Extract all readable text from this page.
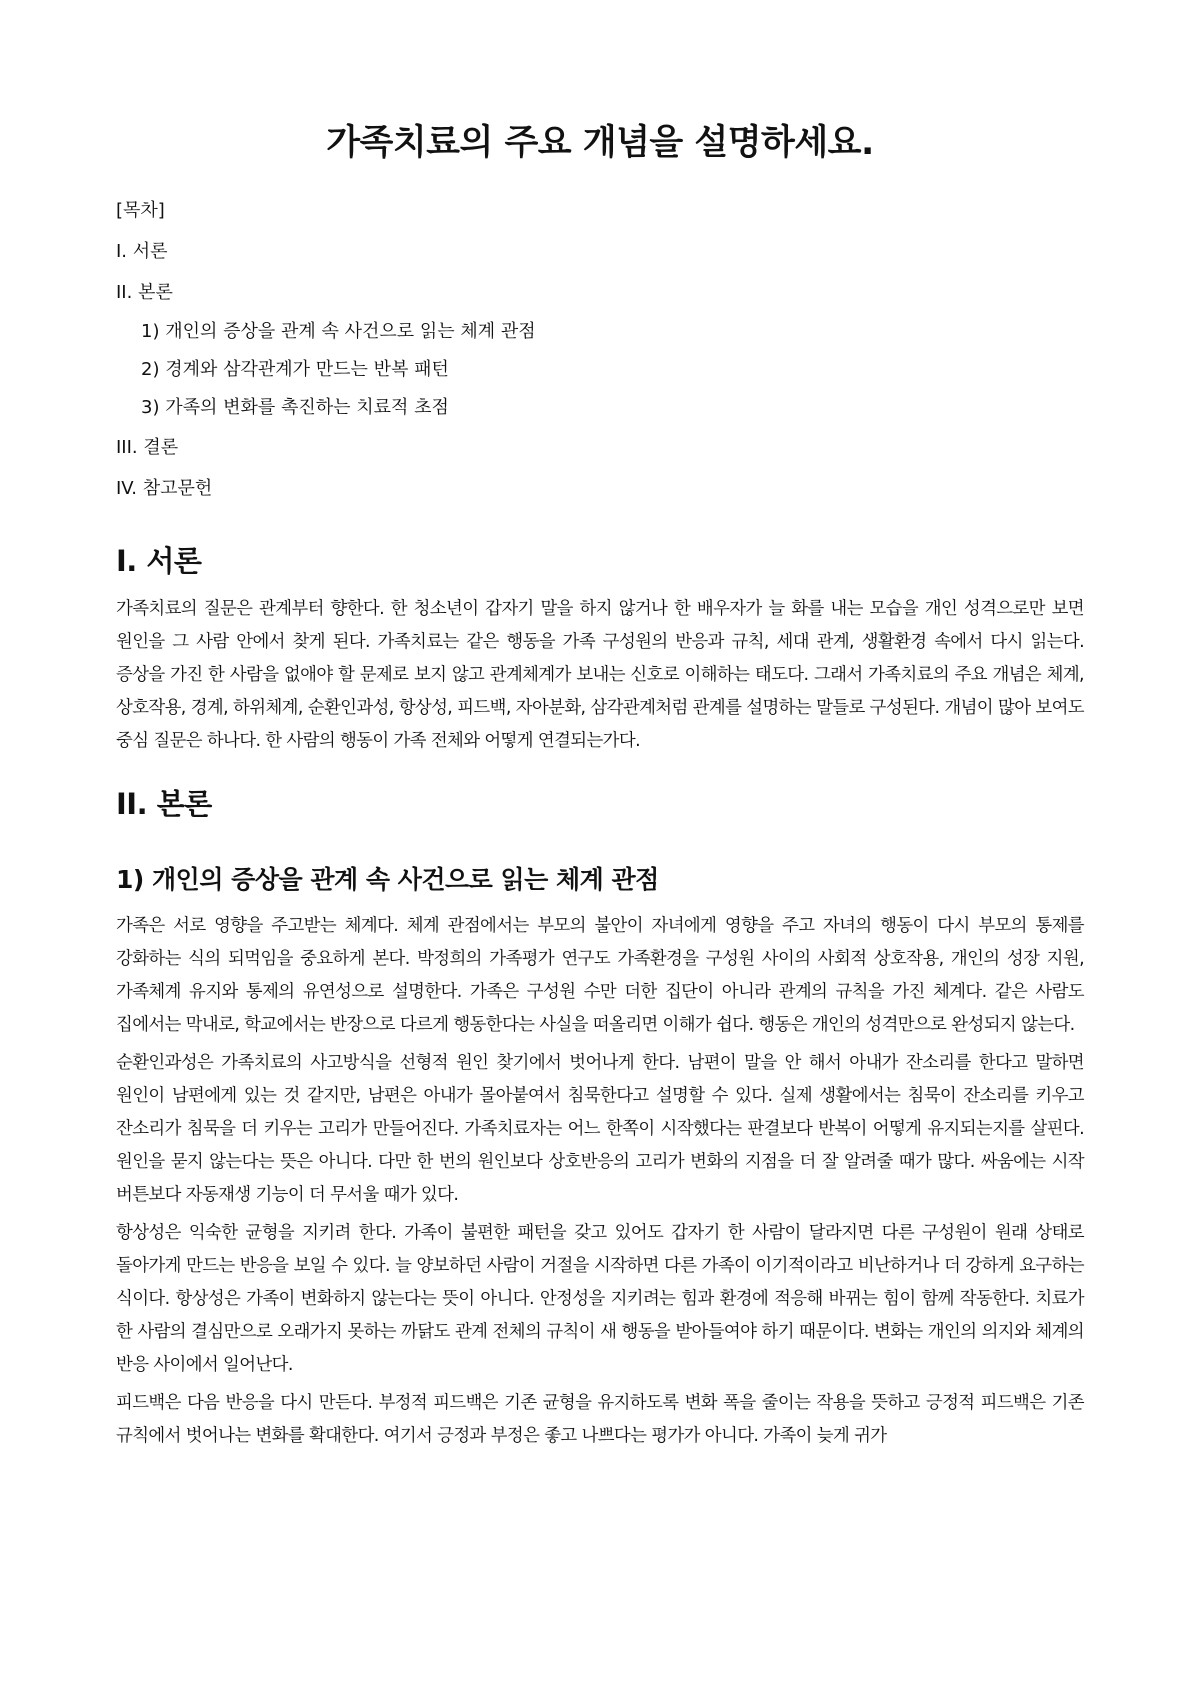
가족치료의 주요 개념을 설명하세요.
[목차]
I. 서론
II. 본론
1) 개인의 증상을 관계 속 사건으로 읽는 체계 관점
2) 경계와 삼각관계가 만드는 반복 패턴
3) 가족의 변화를 촉진하는 치료적 초점
III. 결론
IV. 참고문헌
I. 서론

가족치료의 질문은 관계부터 향한다. 한 청소년이 갑자기 말을 하지 않거나 한 배우자가 늘 화를 내는 모습을 개인 성격으로만 보면 원인을 그 사람 안에서 찾게 된다. 가족치료는 같은 행동을 가족 구성원의 반응과 규칙, 세대 관계, 생활환경 속에서 다시 읽는다. 증상을 가진 한 사람을 없애야 할 문제로 보지 않고 관계체계가 보내는 신호로 이해하는 태도다. 그래서 가족치료의 주요 개념은 체계, 상호작용, 경계, 하위체계, 순환인과성, 항상성, 피드백, 자아분화, 삼각관계처럼 관계를 설명하는 말들로 구성된다. 개념이 많아 보여도 중심 질문은 하나다. 한 사람의 행동이 가족 전체와 어떻게 연결되는가다.

II. 본론
1) 개인의 증상을 관계 속 사건으로 읽는 체계 관점

가족은 서로 영향을 주고받는 체계다. 체계 관점에서는 부모의 불안이 자녀에게 영향을 주고 자녀의 행동이 다시 부모의 통제를 강화하는 식의 되먹임을 중요하게 본다. 박정희의 가족평가 연구도 가족환경을 구성원 사이의 사회적 상호작용, 개인의 성장 지원, 가족체계 유지와 통제의 유연성으로 설명한다. 가족은 구성원 수만 더한 집단이 아니라 관계의 규칙을 가진 체계다. 같은 사람도 집에서는 막내로, 학교에서는 반장으로 다르게 행동한다는 사실을 떠올리면 이해가 쉽다. 행동은 개인의 성격만으로 완성되지 않는다.

순환인과성은 가족치료의 사고방식을 선형적 원인 찾기에서 벗어나게 한다. 남편이 말을 안 해서 아내가 잔소리를 한다고 말하면 원인이 남편에게 있는 것 같지만, 남편은 아내가 몰아붙여서 침묵한다고 설명할 수 있다. 실제 생활에서는 침묵이 잔소리를 키우고 잔소리가 침묵을 더 키우는 고리가 만들어진다. 가족치료자는 어느 한쪽이 시작했다는 판결보다 반복이 어떻게 유지되는지를 살핀다. 원인을 묻지 않는다는 뜻은 아니다. 다만 한 번의 원인보다 상호반응의 고리가 변화의 지점을 더 잘 알려줄 때가 많다. 싸움에는 시작 버튼보다 자동재생 기능이 더 무서울 때가 있다.

항상성은 익숙한 균형을 지키려 한다. 가족이 불편한 패턴을 갖고 있어도 갑자기 한 사람이 달라지면 다른 구성원이 원래 상태로 돌아가게 만드는 반응을 보일 수 있다. 늘 양보하던 사람이 거절을 시작하면 다른 가족이 이기적이라고 비난하거나 더 강하게 요구하는 식이다. 항상성은 가족이 변화하지 않는다는 뜻이 아니다. 안정성을 지키려는 힘과 환경에 적응해 바뀌는 힘이 함께 작동한다. 치료가 한 사람의 결심만으로 오래가지 못하는 까닭도 관계 전체의 규칙이 새 행동을 받아들여야 하기 때문이다. 변화는 개인의 의지와 체계의 반응 사이에서 일어난다.

피드백은 다음 반응을 다시 만든다. 부정적 피드백은 기존 균형을 유지하도록 변화 폭을 줄이는 작용을 뜻하고 긍정적 피드백은 기존 규칙에서 벗어나는 변화를 확대한다. 여기서 긍정과 부정은 좋고 나쁘다는 평가가 아니다. 가족이 늦게 귀가
